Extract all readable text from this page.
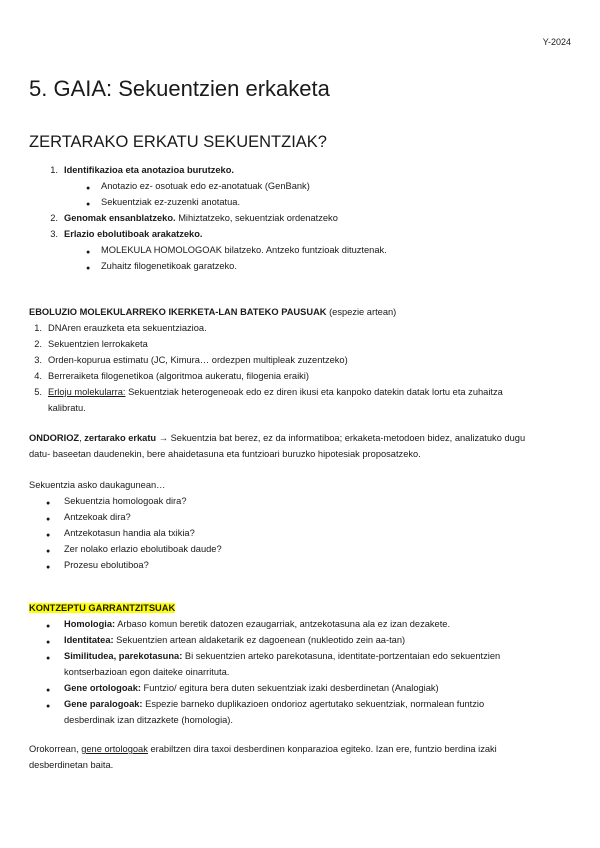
Y-2024
5. GAIA: Sekuentzien erkaketa
ZERTARAKO ERKATU SEKUENTZIAK?
1. Identifikazioa eta anotazioa burutzeko.
● Anotazio ez- osotuak edo ez-anotatuak (GenBank)
● Sekuentziak ez-zuzenki anotatua.
2. Genomak ensanblatzeko. Mihiztatzeko, sekuentziak ordenatzeko
3. Erlazio ebolutiboak arakatzeko.
● MOLEKULA HOMOLOGOAK bilatzeko. Antzeko funtzioak dituztenak.
● Zuhaitz filogenetikoak garatzeko.
EBOLUZIO MOLEKULARREKO IKERKETA-LAN BATEKO PAUSUAK (espezie artean)
1. DNAren erauzketa eta sekuentziazioa.
2. Sekuentzien lerrokaketa
3. Orden-kopurua estimatu (JC, Kimura… ordezpen multipleak zuzentzeko)
4. Berreraiketa filogenetikoa (algoritmoa aukeratu, filogenia eraiki)
5. Erloju molekularra: Sekuentziak heterogeneoak edo ez diren ikusi eta kanpoko datekin datak lortu eta zuhaitza
kalibratu.
ONDORIOZ, zertarako erkatu → Sekuentzia bat berez, ez da informatiboa; erkaketa-metodoen bidez, analizatuko dugu
datu- baseetan daudenekin, bere ahaidetasuna eta funtzioari buruzko hipotesiak proposatzeko.
Sekuentzia asko daukagunean…
● Sekuentzia homologoak dira?
● Antzekoak dira?
● Antzekotasun handia ala txikia?
● Zer nolako erlazio ebolutiboak daude?
● Prozesu ebolutiboa?
KONTZEPTU GARRANTZITSUAK
● Homologia: Arbaso komun beretik datozen ezaugarriak, antzekotasuna ala ez izan dezakete.
● Identitatea: Sekuentzien artean aldaketarik ez dagoenean (nukleotido zein aa-tan)
● Similitudea, parekotasuna: Bi sekuentzien arteko parekotasuna, identitate-portzentaian edo sekuentzien
kontserbazioan egon daiteke oinarrituta.
● Gene ortologoak: Funtzio/ egitura bera duten sekuentziak izaki desberdinetan (Analogiak)
● Gene paralogoak: Espezie barneko duplikazioen ondorioz agertutako sekuentziak, normalean funtzio
desberdinak izan ditzazkete (homologia).
Orokorrean, gene ortologoak erabiltzen dira taxoi desberdinen konparazioa egiteko. Izan ere, funtzio berdina izaki
desberdinetan baita.
